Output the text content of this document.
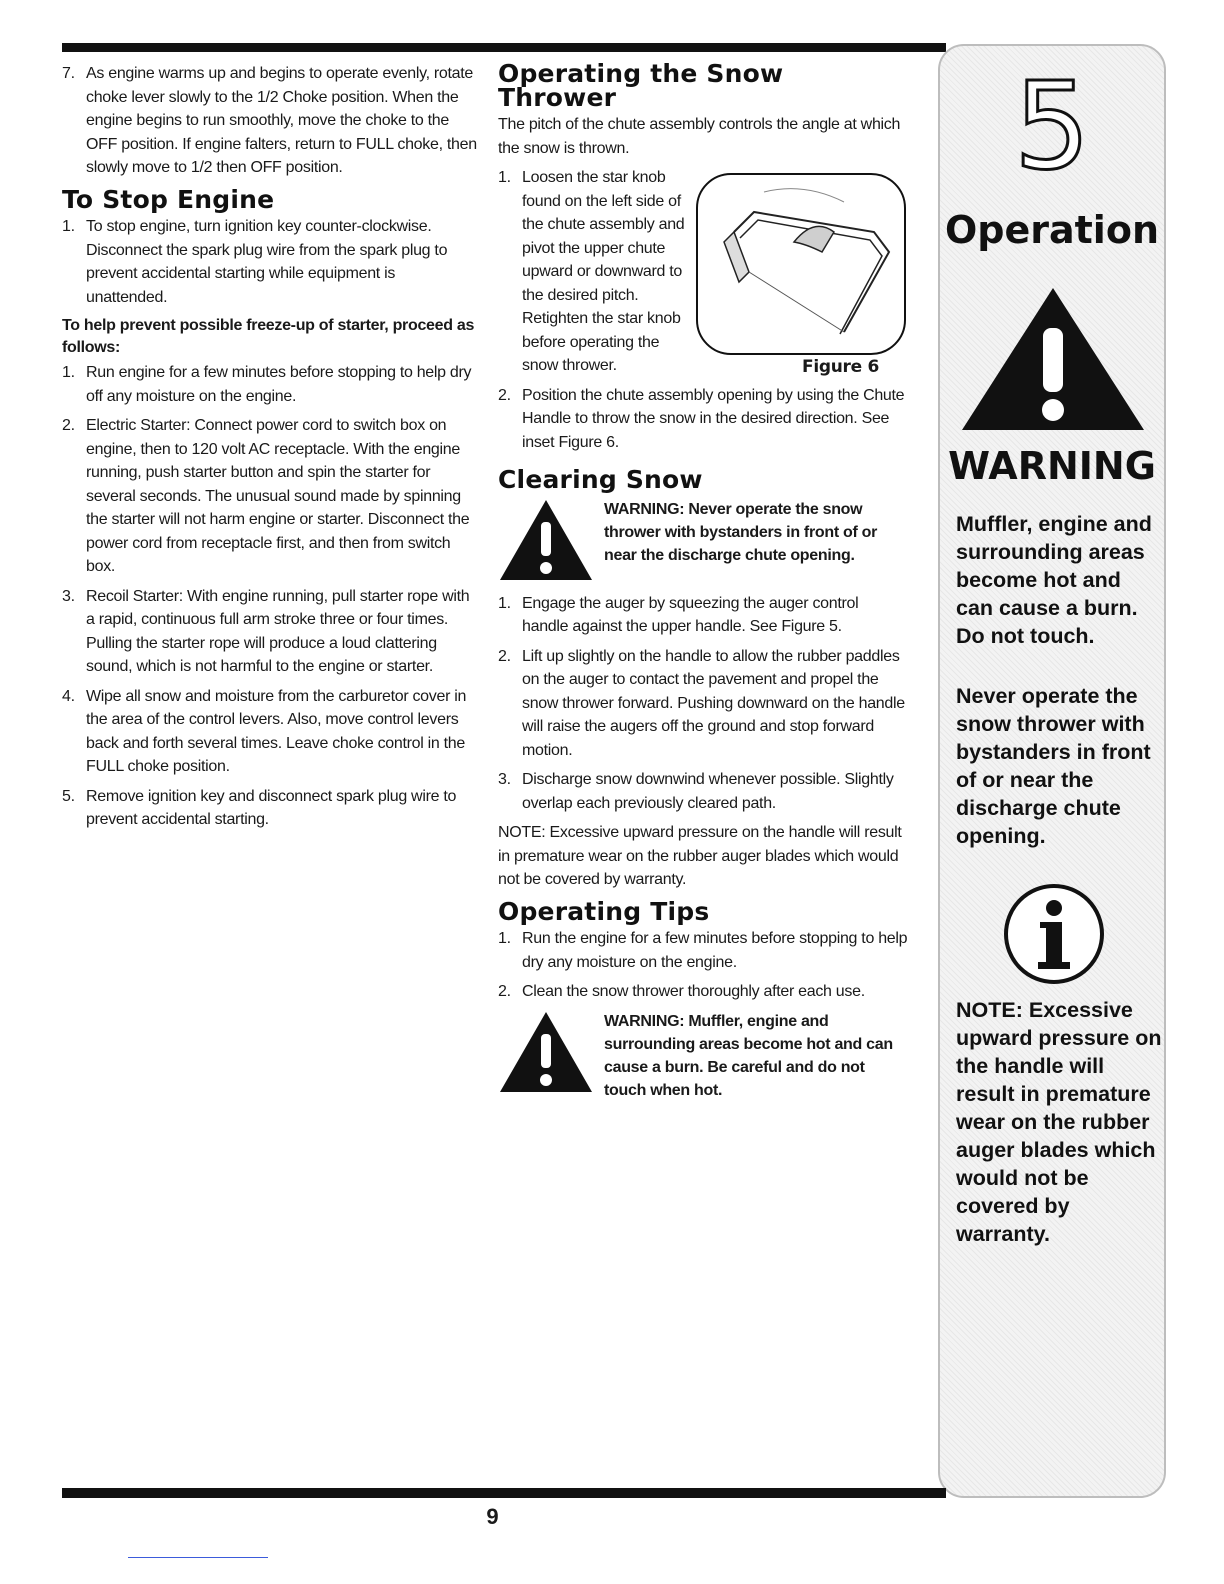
7. As engine warms up and begins to operate evenly, rotate choke lever slowly to the 1/2 Choke position. When the engine begins to run smoothly, move the choke to the OFF position. If engine falters, return to FULL choke, then slowly move to 1/2 then OFF position.
To Stop Engine
1. To stop engine, turn ignition key counter-clockwise. Disconnect the spark plug wire from the spark plug to prevent accidental starting while equipment is unattended.
To help prevent possible freeze-up of starter, proceed as follows:
1. Run engine for a few minutes before stopping to help dry off any moisture on the engine.
2. Electric Starter: Connect power cord to switch box on engine, then to 120 volt AC receptacle. With the engine running, push starter button and spin the starter for several seconds. The unusual sound made by spinning the starter will not harm engine or starter. Disconnect the power cord from receptacle first, and then from switch box.
3. Recoil Starter: With engine running, pull starter rope with a rapid, continuous full arm stroke three or four times. Pulling the starter rope will produce a loud clattering sound, which is not harmful to the engine or starter.
4. Wipe all snow and moisture from the carburetor cover in the area of the control levers. Also, move control levers back and forth several times. Leave choke control in the FULL choke position.
5. Remove ignition key and disconnect spark plug wire to prevent accidental starting.
Operating the Snow Thrower

The pitch of the chute assembly controls the angle at which the snow is thrown.

Figure 6
1. Loosen the star knob found on the left side of the chute assembly and pivot the upper chute upward or downward to the desired pitch. Retighten the star knob before operating the snow thrower.
2. Position the chute assembly opening by using the Chute Handle to throw the snow in the desired direction. See inset Figure 6.
Clearing Snow
WARNING: Never operate the snow thrower with bystanders in front of or near the discharge chute opening.
1. Engage the auger by squeezing the auger control handle against the upper handle. See Figure 5.
2. Lift up slightly on the handle to allow the rubber paddles on the auger to contact the pavement and propel the snow thrower forward. Pushing downward on the handle will raise the augers off the ground and stop forward motion.
3. Discharge snow downwind whenever possible. Slightly overlap each previously cleared path.

NOTE: Excessive upward pressure on the handle will result in premature wear on the rubber auger blades which would not be covered by warranty.

Operating Tips
1. Run the engine for a few minutes before stopping to help dry any moisture on the engine.
2. Clean the snow thrower thoroughly after each use.
WARNING: Muffler, engine and surrounding areas become hot and can cause a burn. Be careful and do not touch when hot.
5
Operation
WARNING
Muffler, engine and surrounding areas become hot and can cause a burn. Do not touch.
Never operate the snow thrower with bystanders in front of or near the discharge chute opening.
NOTE: Excessive upward pressure on the handle will result in premature wear on the rubber auger blades which would not be covered by warranty.
9
